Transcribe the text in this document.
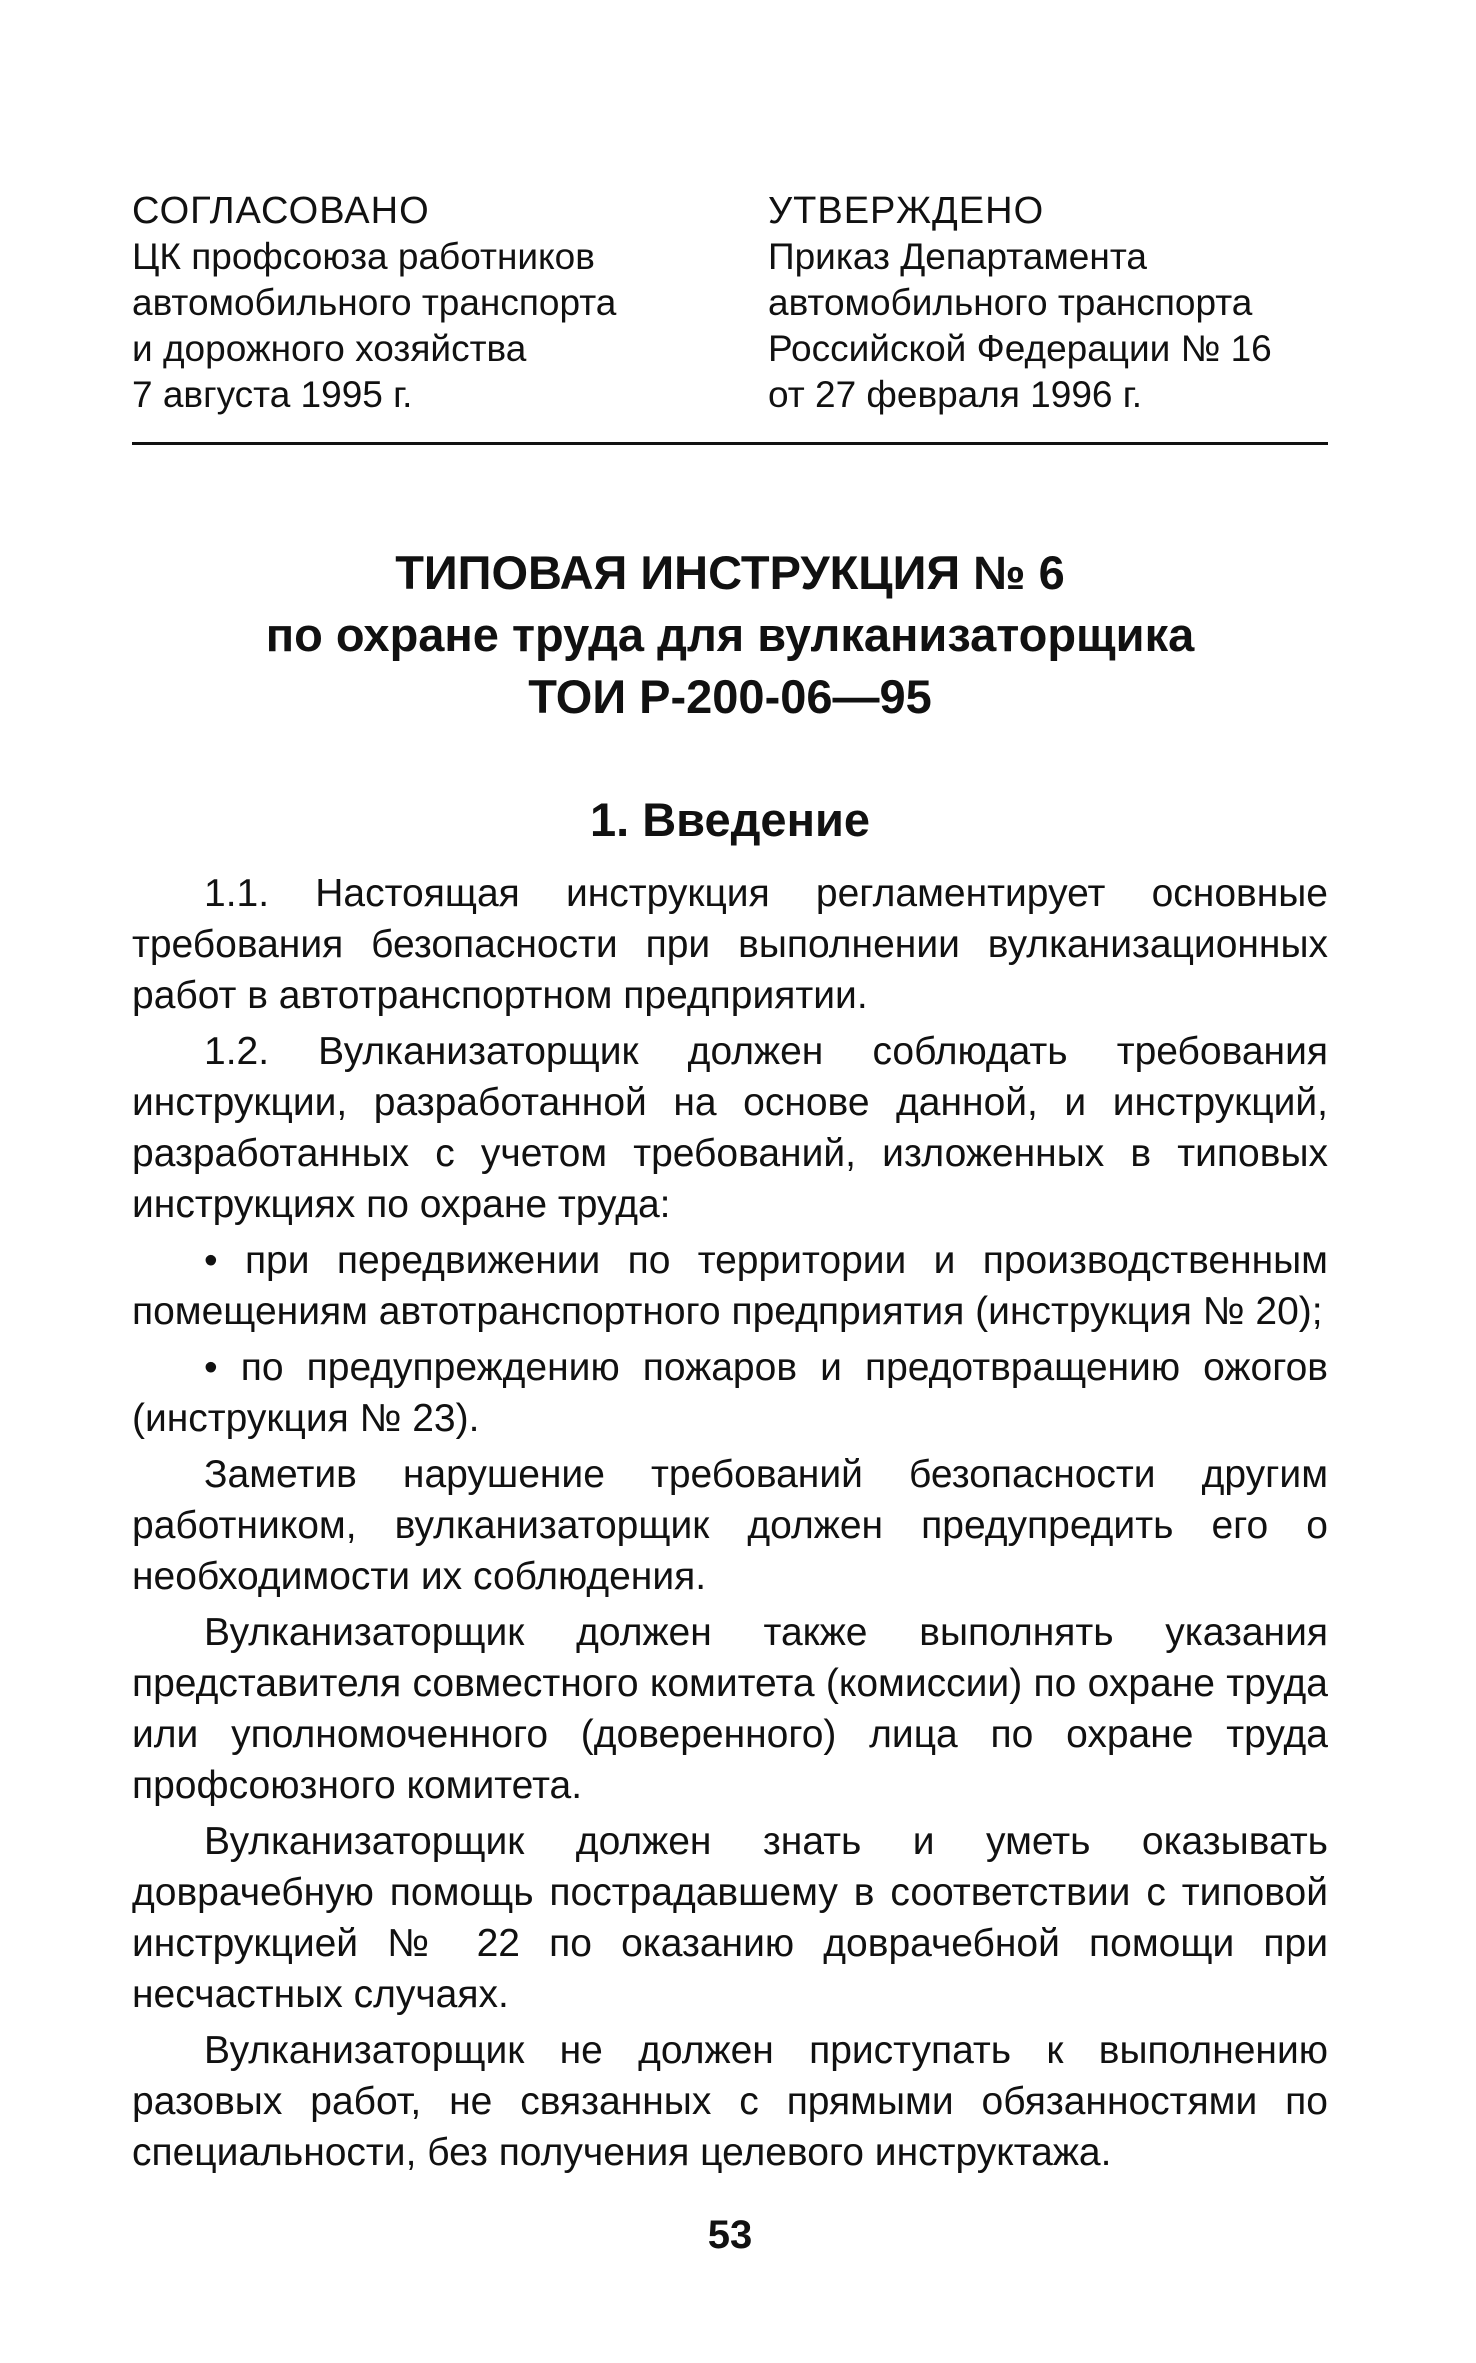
СОГЛАСОВАНО
ЦК профсоюза работников
автомобильного транспорта
и дорожного хозяйства
7 августа 1995 г.
УТВЕРЖДЕНО
Приказ Департамента
автомобильного транспорта
Российской Федерации № 16
от 27 февраля 1996 г.
ТИПОВАЯ ИНСТРУКЦИЯ № 6
по охране труда для вулканизаторщика
ТОИ Р-200-06—95
1. Введение

1.1. Настоящая инструкция регламентирует основные требования безопасности при выполнении вулканизационных работ в автотранспортном предприятии.

1.2. Вулканизаторщик должен соблюдать требования инструкции, разработанной на основе данной, и инструкций, разработанных с учетом требований, изложенных в типовых инструкциях по охране труда:

• при передвижении по территории и производственным помещениям автотранспортного предприятия (инструкция № 20);

• по предупреждению пожаров и предотвращению ожогов (инструкция № 23).

Заметив нарушение требований безопасности другим работником, вулканизаторщик должен предупредить его о необходимости их соблюдения.

Вулканизаторщик должен также выполнять указания представителя совместного комитета (комиссии) по охране труда или уполномоченного (доверенного) лица по охране труда профсоюзного комитета.

Вулканизаторщик должен знать и уметь оказывать доврачебную помощь пострадавшему в соответствии с типовой инструкцией № 22 по оказанию доврачебной помощи при несчастных случаях.

Вулканизаторщик не должен приступать к выполнению разовых работ, не связанных с прямыми обязанностями по специальности, без получения целевого инструктажа.

53
